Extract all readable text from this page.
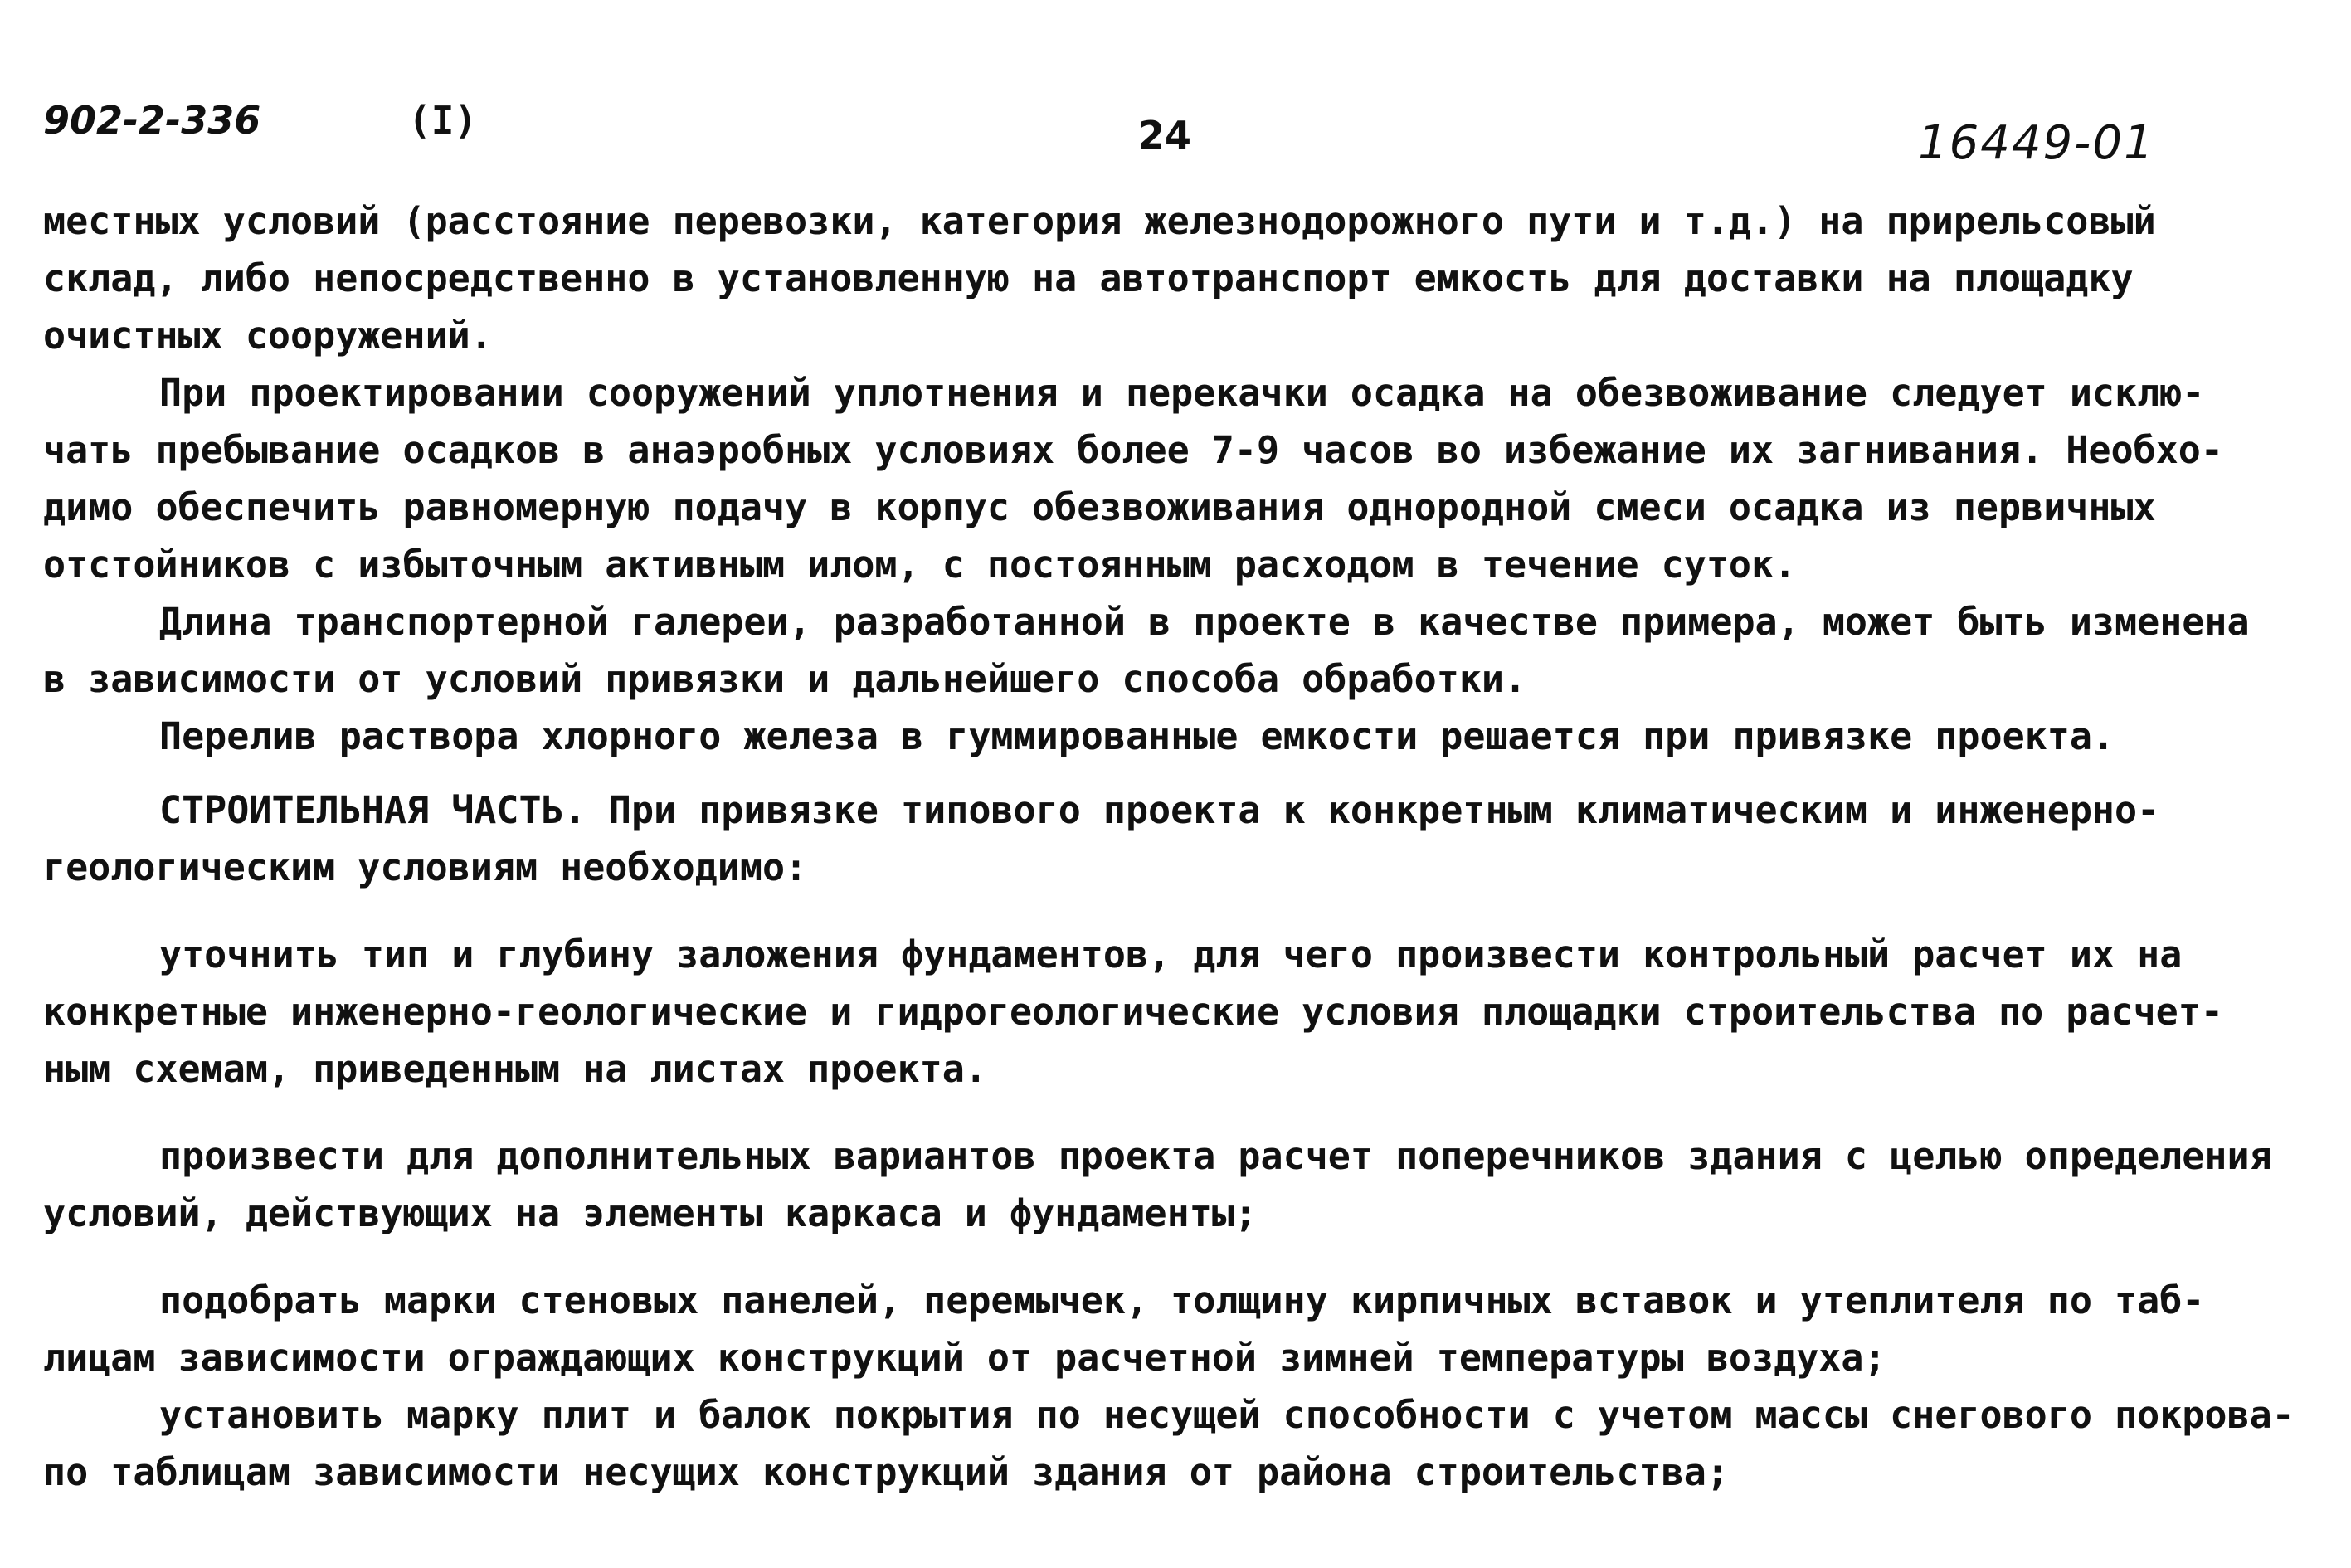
902-2-336	(I)	24	16449-01
местных условий (расстояние перевозки, категория железнодорожного пути и т.д.) на прирельсовый
склад, либо непосредственно в установленную на автотранспорт емкость для доставки на площадку
очистных сооружений.
При проектировании сооружений уплотнения и перекачки осадка на обезвоживание следует исклю-
чать пребывание осадков в анаэробных условиях более 7-9 часов во избежание их загнивания. Необхо-
димо обеспечить равномерную подачу в корпус обезвоживания однородной смеси осадка из первичных
отстойников с избыточным активным илом, с постоянным расходом в течение суток.
Длина транспортерной галереи, разработанной в проекте в качестве примера, может быть изменена
в зависимости от условий привязки и дальнейшего способа обработки.
Перелив раствора хлорного железа в гуммированные емкости решается при привязке проекта.
СТРОИТЕЛЬНАЯ ЧАСТЬ. При привязке типового проекта к конкретным климатическим и инженерно-
геологическим условиям необходимо:
уточнить тип и глубину заложения фундаментов, для чего произвести контрольный расчет их на
конкретные инженерно-геологические и гидрогеологические условия площадки строительства по расчет-
ным схемам, приведенным на листах проекта.
произвести для дополнительных вариантов проекта расчет поперечников здания с целью определения
условий, действующих на элементы каркаса и фундаменты;
подобрать марки стеновых панелей, перемычек, толщину кирпичных вставок и утеплителя по таб-
лицам зависимости ограждающих конструкций от расчетной зимней температуры воздуха;
установить марку плит и балок покрытия по несущей способности с учетом массы снегового покрова-
по таблицам зависимости несущих конструкций здания от района строительства;
